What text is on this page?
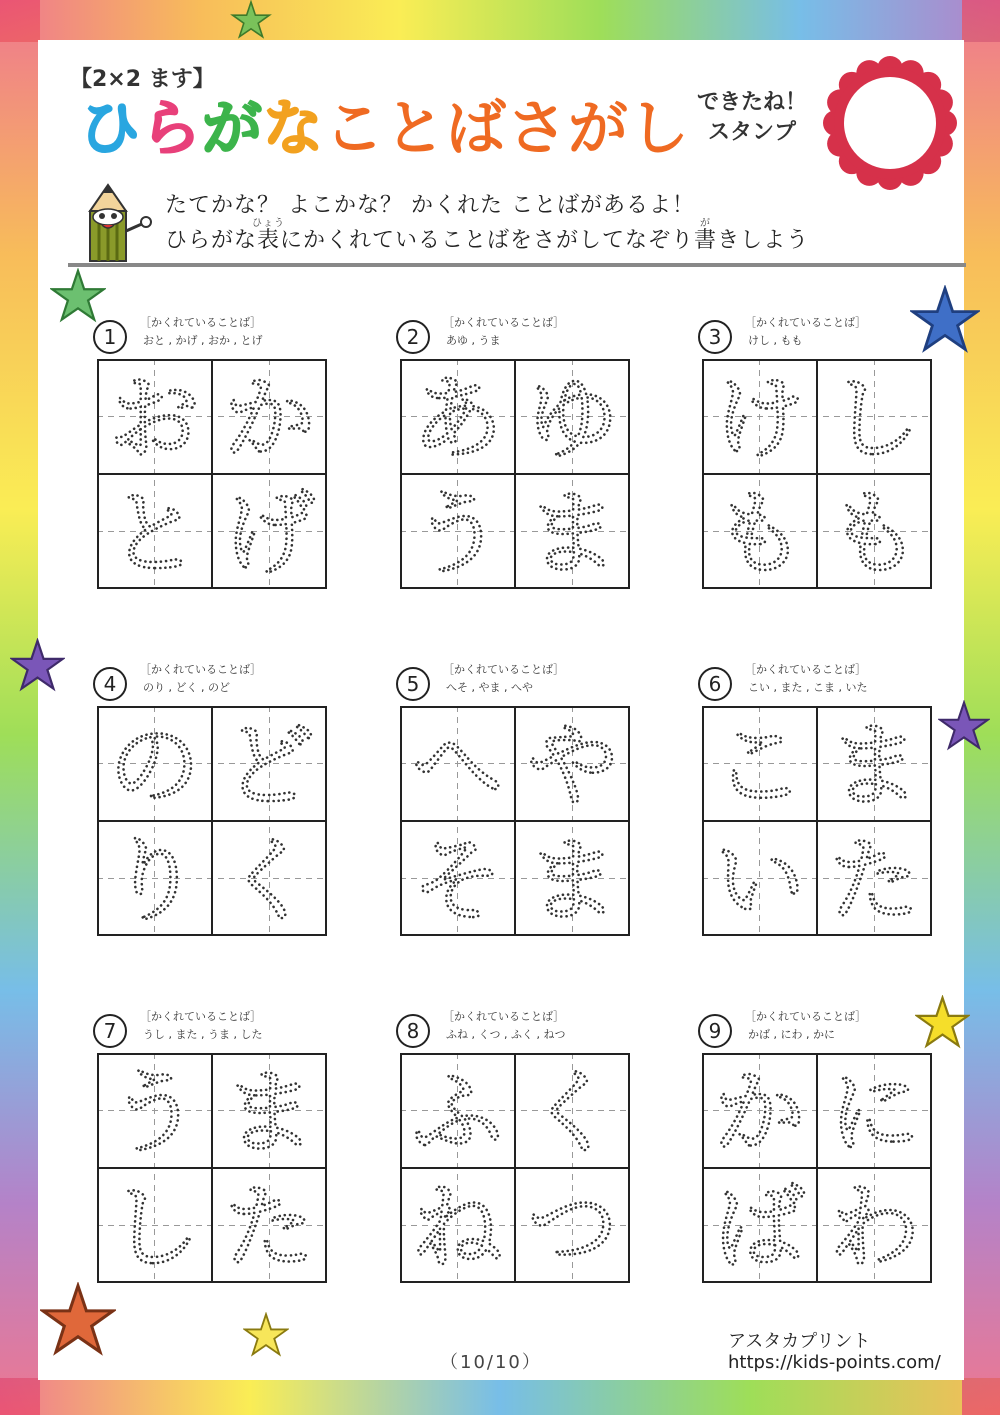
【2×2 ます】
ひらがなことばさがし できたね！
スタンプ
たてかな？ よこかな？ かくれた ことばがあるよ！
ひらがな表ひょうにかくれていることばをさがしてなぞり書がきしよう
1
［かくれていることば］
おと , かげ , おか , とげ
お か
と げ
2
［かくれていることば］
あゆ , うま
あ ゆ
う ま
3
［かくれていることば］
けし , もも
け し
も も
4
［かくれていることば］
のり , どく , のど
の ど
り く
5
［かくれていることば］
へそ , やま , へや
へ や
そ ま
6
［かくれていることば］
こい , また , こま , いた
こ ま
い た
7
［かくれていることば］
うし , また , うま , した
う ま
し た
8
［かくれていることば］
ふね , くつ , ふく , ねつ
ふ く
ね つ
9
［かくれていることば］
かば , にわ , かに
か に
ば わ
（10/10）
アスタカプリント
https://kids-points.com/
